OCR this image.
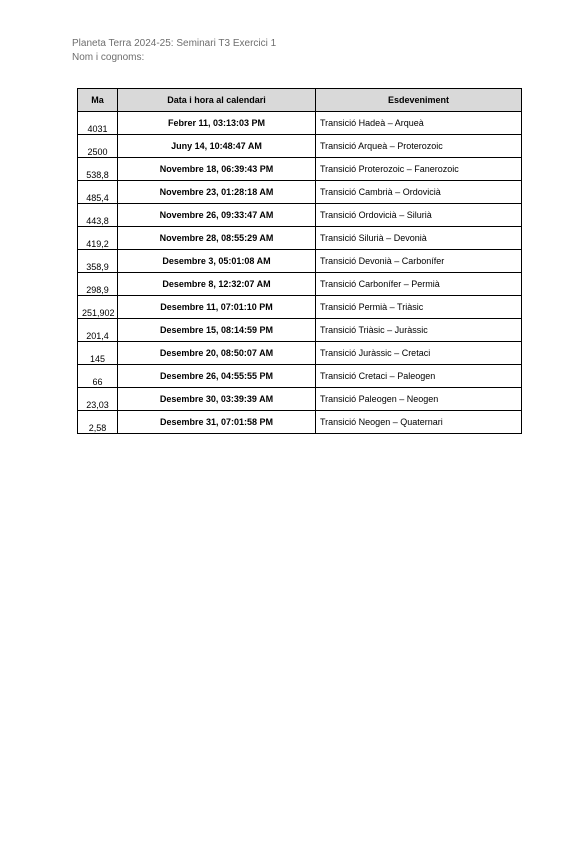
Planeta Terra 2024-25: Seminari T3 Exercici 1
Nom i cognoms:
Ma	Data i hora al calendari	Esdeveniment
4031	Febrer 11, 03:13:03 PM	Transició Hadeà – Arqueà
2500	Juny 14, 10:48:47 AM	Transició Arqueà – Proterozoic
538,8	Novembre 18, 06:39:43 PM	Transició Proterozoic – Fanerozoic
485,4	Novembre 23, 01:28:18 AM	Transició Cambrià – Ordovicià
443,8	Novembre 26, 09:33:47 AM	Transició Ordovicià – Silurià
419,2	Novembre 28, 08:55:29 AM	Transició Silurià – Devonià
358,9	Desembre 3, 05:01:08 AM	Transició Devonià – Carbonífer
298,9	Desembre 8, 12:32:07 AM	Transició Carbonífer – Permià
251,902	Desembre 11, 07:01:10 PM	Transició Permià – Triàsic
201,4	Desembre 15, 08:14:59 PM	Transició Triàsic – Juràssic
145	Desembre 20, 08:50:07 AM	Transició Juràssic – Cretaci
66	Desembre 26, 04:55:55 PM	Transició Cretaci – Paleogen
23,03	Desembre 30, 03:39:39 AM	Transició Paleogen – Neogen
2,58	Desembre 31, 07:01:58 PM	Transició Neogen – Quaternari
